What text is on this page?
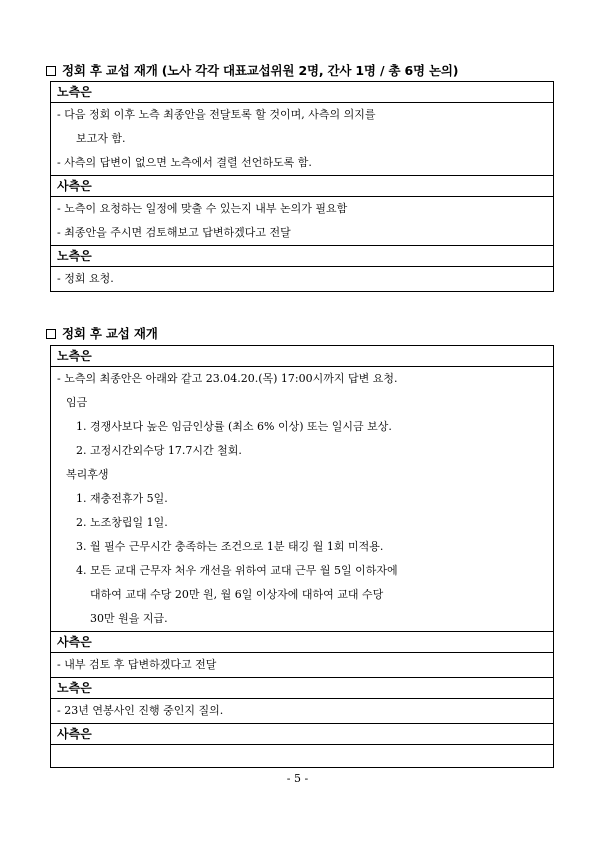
정회 후 교섭 재개 (노사 각각 대표교섭위원 2명, 간사 1명 / 총 6명 논의)
노측은

- 다음 정회 이후 노측 최종안을 전달토록 할 것이며, 사측의 의지를
보고자 함.
- 사측의 답변이 없으면 노측에서 결렬 선언하도록 함.

사측은

- 노측이 요청하는 일정에 맞출 수 있는지 내부 논의가 필요함
- 최종안을 주시면 검토해보고 답변하겠다고 전달

노측은

- 정회 요청.
정회 후 교섭 재개
노측은

- 노측의 최종안은 아래와 같고 23.04.20.(목) 17:00시까지 답변 요청.
임금
1. 경쟁사보다 높은 임금인상률 (최소 6% 이상) 또는 일시금 보상.
2. 고정시간외수당 17.7시간 철회.
복리후생
1. 재충전휴가 5일.
2. 노조창립일 1일.
3. 월 필수 근무시간 충족하는 조건으로 1분 태깅 월 1회 미적용.
4. 모든 교대 근무자 처우 개선을 위하여 교대 근무 월 5일 이하자에
대하여 교대 수당 20만 원, 월 6일 이상자에 대하여 교대 수당
30만 원을 지급.

사측은

- 내부 검토 후 답변하겠다고 전달

노측은

- 23년 연봉사인 진행 중인지 질의.

사측은

- 5 -
